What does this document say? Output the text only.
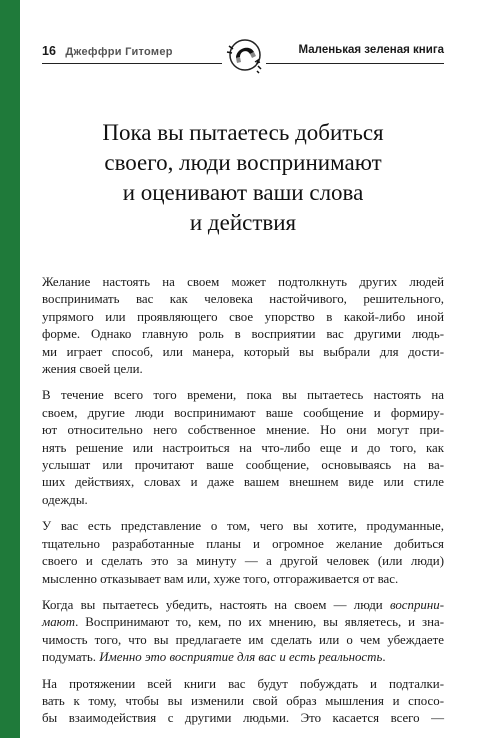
16 Джеффри Гитомер	Маленькая зеленая книга
Пока вы пытаетесь добиться
своего, люди воспринимают
и оценивают ваши слова
и действия

Желание настоять на своем может подтолкнуть других людей
воспринимать вас как человека настойчивого, решительного,
упрямого или проявляющего свое упорство в какой-либо иной
форме. Однако главную роль в восприятии вас другими людь-
ми играет способ, или манера, который вы выбрали для дости-
жения своей цели.

В течение всего того времени, пока вы пытаетесь настоять на
своем, другие люди воспринимают ваше сообщение и формиру-
ют относительно него собственное мнение. Но они могут при-
нять решение или настроиться на что-либо еще и до того, как
услышат или прочитают ваше сообщение, основываясь на ва-
ших действиях, словах и даже вашем внешнем виде или стиле
одежды.

У вас есть представление о том, чего вы хотите, продуманные,
тщательно разработанные планы и огромное желание добиться
своего и сделать это за минуту — а другой человек (или люди)
мысленно отказывает вам или, хуже того, отгораживается от вас.

Когда вы пытаетесь убедить, настоять на своем — люди восприни-
мают. Воспринимают то, кем, по их мнению, вы являетесь, и зна-
чимость того, что вы предлагаете им сделать или о чем убеждаете
подумать. Именно это восприятие для вас и есть реальность.

На протяжении всей книги вас будут побуждать и подталки-
вать к тому, чтобы вы изменили свой образ мышления и спосо-
бы взаимодействия с другими людьми. Это касается всего —
